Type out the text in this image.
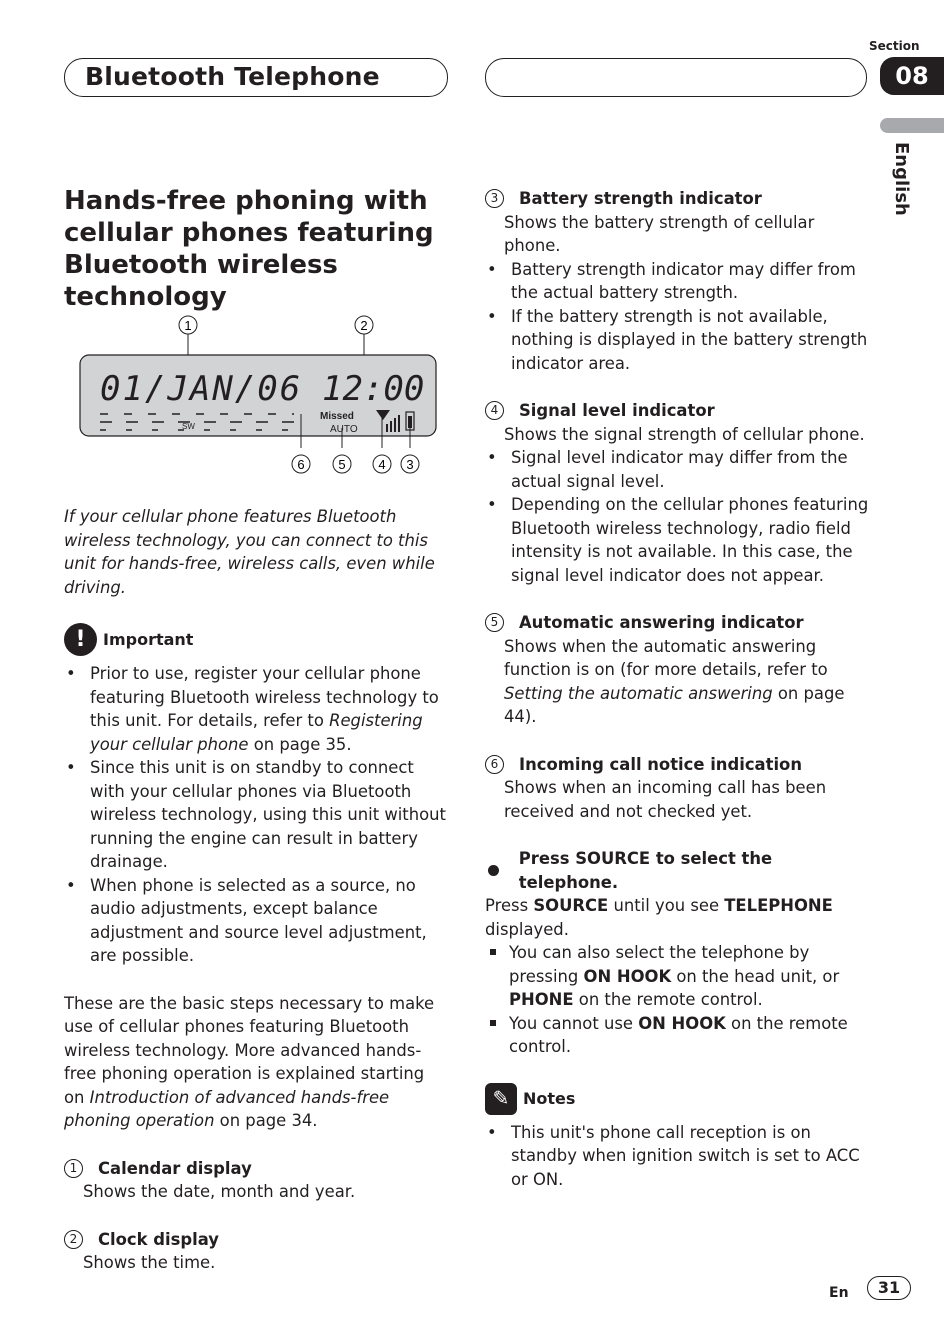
Bluetooth Telephone
Section
08
English
Hands-free phoning with cellular phones featuring Bluetooth wireless technology
1	2
01/JAN/06 12:00
SW
Missed
AUTO
6	5	4 3

If your cellular phone features Bluetooth wireless technology, you can connect to this unit for hands-free, wireless calls, even while driving.

!	Important
• Prior to use, register your cellular phone featuring Bluetooth wireless technology to this unit. For details, refer to Registering your cellular phone on page 35.
• Since this unit is on standby to connect with your cellular phones via Bluetooth wireless technology, using this unit without running the engine can result in battery drainage.
• When phone is selected as a source, no audio adjustments, except balance adjustment and source level adjustment, are possible.

These are the basic steps necessary to make use of cellular phones featuring Bluetooth wireless technology. More advanced hands-free phoning operation is explained starting on Introduction of advanced hands-free phoning operation on page 34.

1	Calendar display

Shows the date, month and year.

2	Clock display

Shows the time.

3	Battery strength indicator

Shows the battery strength of cellular phone.

• Battery strength indicator may differ from the actual battery strength.
• If the battery strength is not available, nothing is displayed in the battery strength indicator area.
4	Signal level indicator

Shows the signal strength of cellular phone.

• Signal level indicator may differ from the actual signal level.
• Depending on the cellular phones featuring Bluetooth wireless technology, radio field intensity is not available. In this case, the signal level indicator does not appear.
5	Automatic answering indicator

Shows when the automatic answering function is on (for more details, refer to Setting the automatic answering on page 44).

6	Incoming call notice indication

Shows when an incoming call has been received and not checked yet.

Press SOURCE to select the telephone.

Press SOURCE until you see TELEPHONE displayed.

You can also select the telephone by pressing ON HOOK on the head unit, or PHONE on the remote control.
You cannot use ON HOOK on the remote control.
✎ Notes
• This unit's phone call reception is on standby when ignition switch is set to ACC or ON.
En	31
